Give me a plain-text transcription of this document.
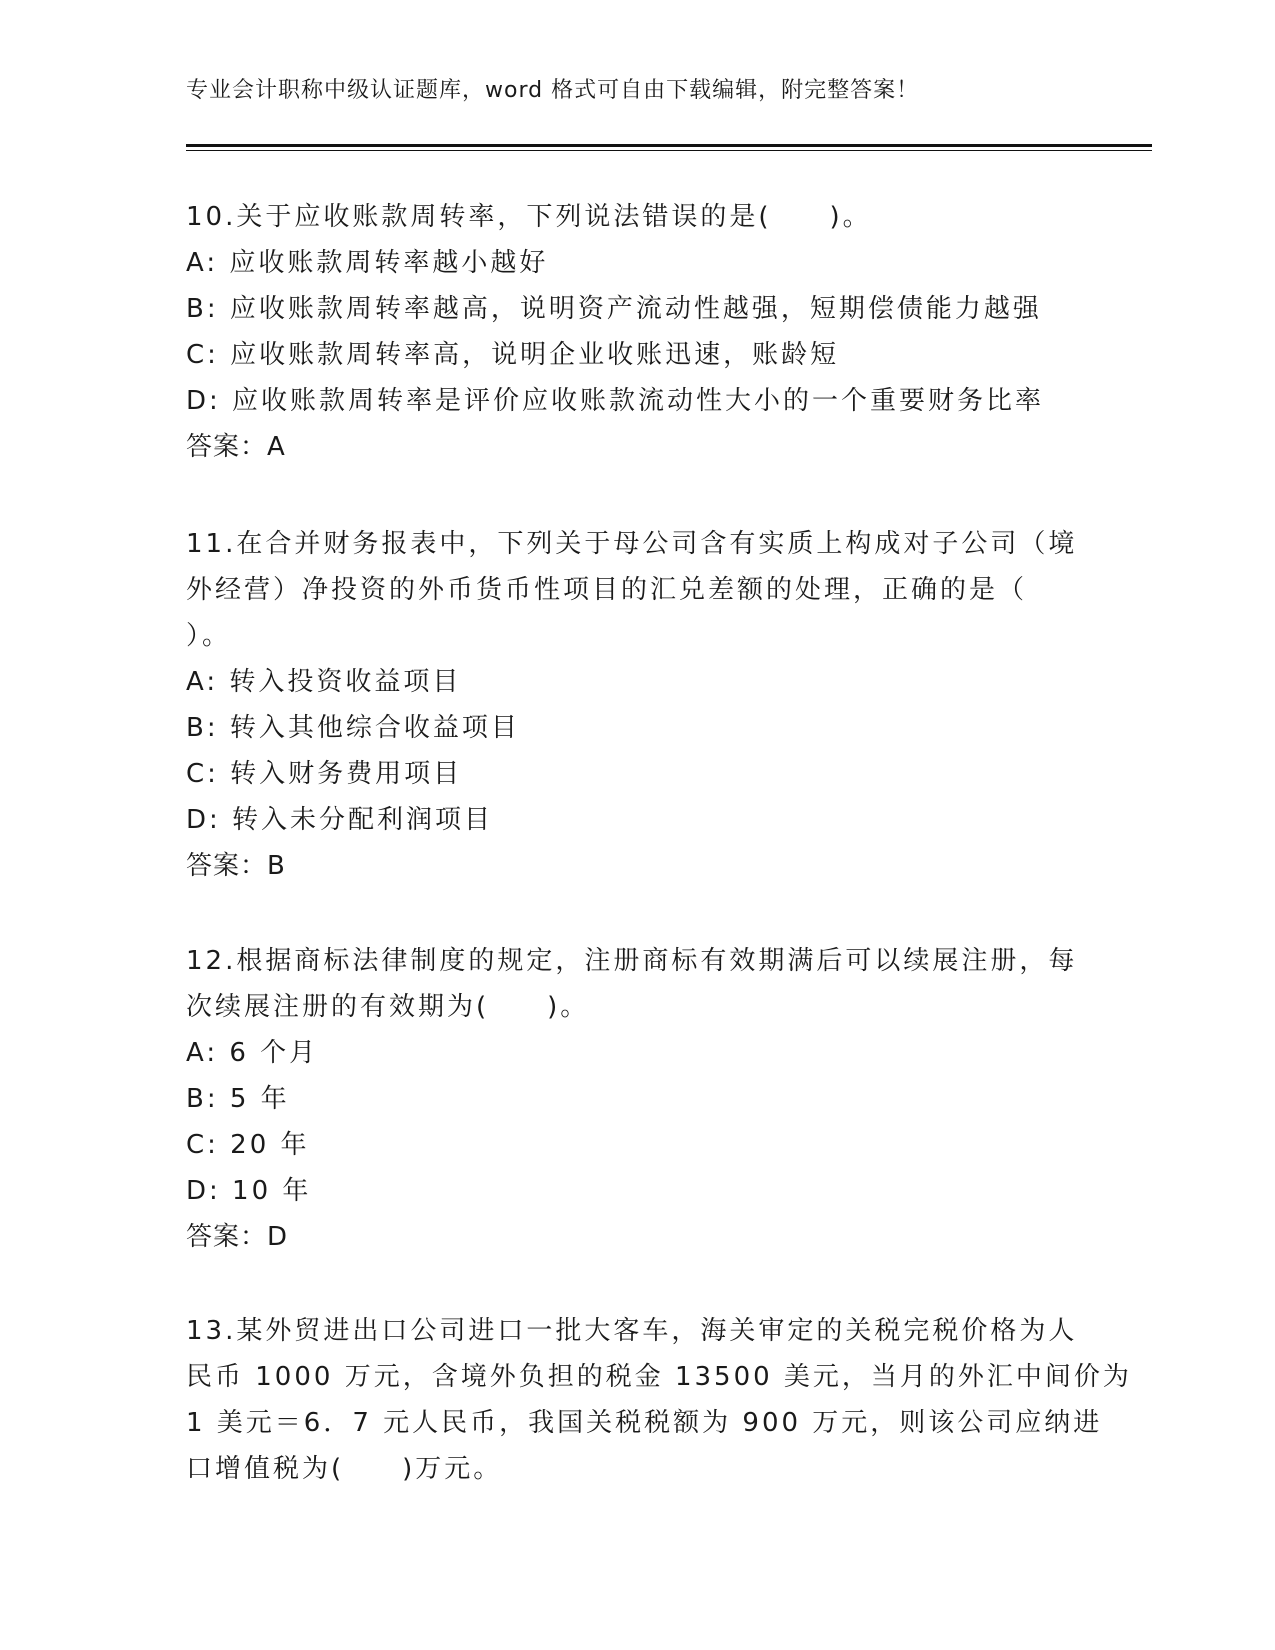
专业会计职称中级认证题库，word 格式可自由下载编辑，附完整答案！
10.关于应收账款周转率，下列说法错误的是(　　)。
A: 应收账款周转率越小越好
B: 应收账款周转率越高，说明资产流动性越强，短期偿债能力越强
C: 应收账款周转率高，说明企业收账迅速，账龄短
D: 应收账款周转率是评价应收账款流动性大小的一个重要财务比率
答案：A
11.在合并财务报表中，下列关于母公司含有实质上构成对子公司（境
外经营）净投资的外币货币性项目的汇兑差额的处理，正确的是（
）。
A: 转入投资收益项目
B: 转入其他综合收益项目
C: 转入财务费用项目
D: 转入未分配利润项目
答案：B
12.根据商标法律制度的规定，注册商标有效期满后可以续展注册，每
次续展注册的有效期为(　　)。
A: 6 个月
B: 5 年
C: 20 年
D: 10 年
答案：D
13.某外贸进出口公司进口一批大客车，海关审定的关税完税价格为人
民币 1000 万元，含境外负担的税金 13500 美元，当月的外汇中间价为
1 美元＝6．7 元人民币，我国关税税额为 900 万元，则该公司应纳进
口增值税为(　　)万元。
